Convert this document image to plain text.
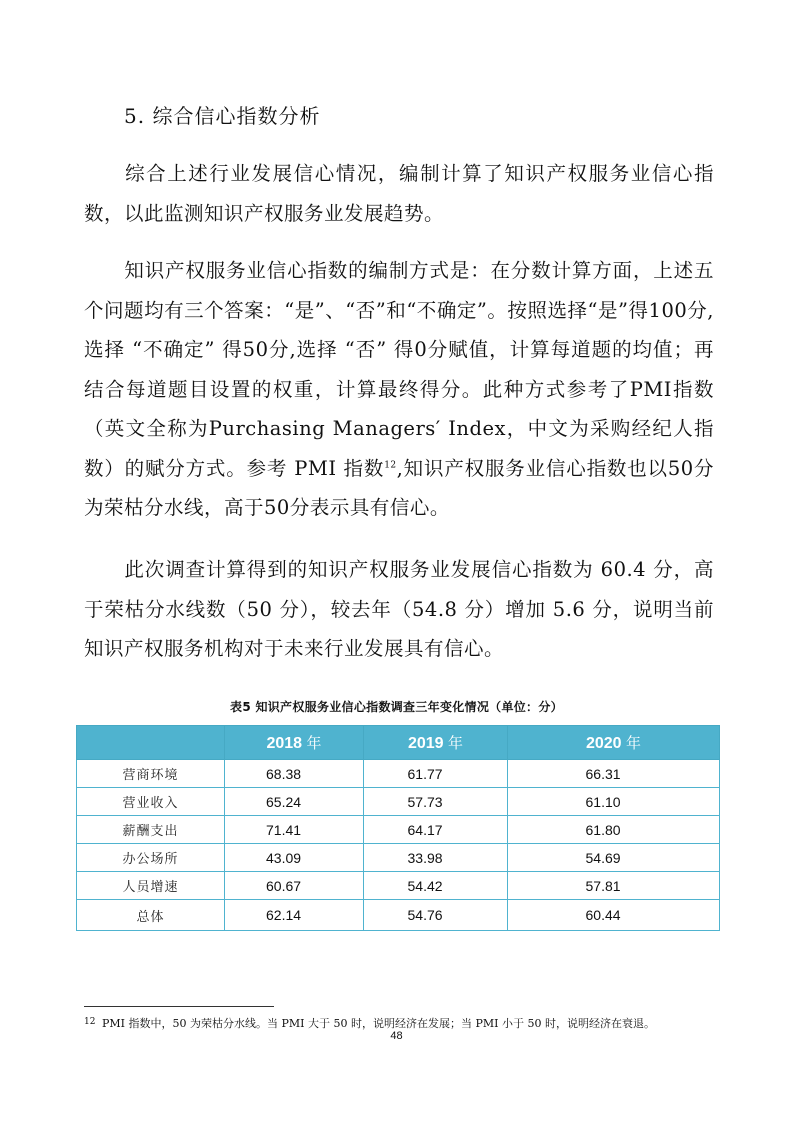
5. 综合信心指数分析

综合上述行业发展信心情况，编制计算了知识产权服务业信心指数，以此监测知识产权服务业发展趋势。

知识产权服务业信心指数的编制方式是：在分数计算方面，上述五个问题均有三个答案：“是”、“否”和“不确定”。按照选择“是”得100分,选择 “不确定” 得50分,选择 “否” 得0分赋值，计算每道题的均值；再结合每道题目设置的权重，计算最终得分。此种方式参考了PMI指数（英文全称为Purchasing Managers′ Index，中文为采购经纪人指数）的赋分方式。参考 PMI 指数$^{12}$,知识产权服务业信心指数也以50分为荣枯分水线，高于50分表示具有信心。

此次调查计算得到的知识产权服务业发展信心指数为 60.4 分，高于荣枯分水线数（50 分），较去年（54.8 分）增加 5.6 分，说明当前知识产权服务机构对于未来行业发展具有信心。

表5 知识产权服务业信心指数调查三年变化情况（单位：分）
	2018 年	2019 年	2020 年
营商环境	68.38	61.77	66.31
营业收入	65.24	57.73	61.10
薪酬支出	71.41	64.17	61.80
办公场所	43.09	33.98	54.69
人员增速	60.67	54.42	57.81
总体	62.14	54.76	60.44
12 PMI 指数中，50 为荣枯分水线。当 PMI 大于 50 时，说明经济在发展；当 PMI 小于 50 时，说明经济在衰退。
48
